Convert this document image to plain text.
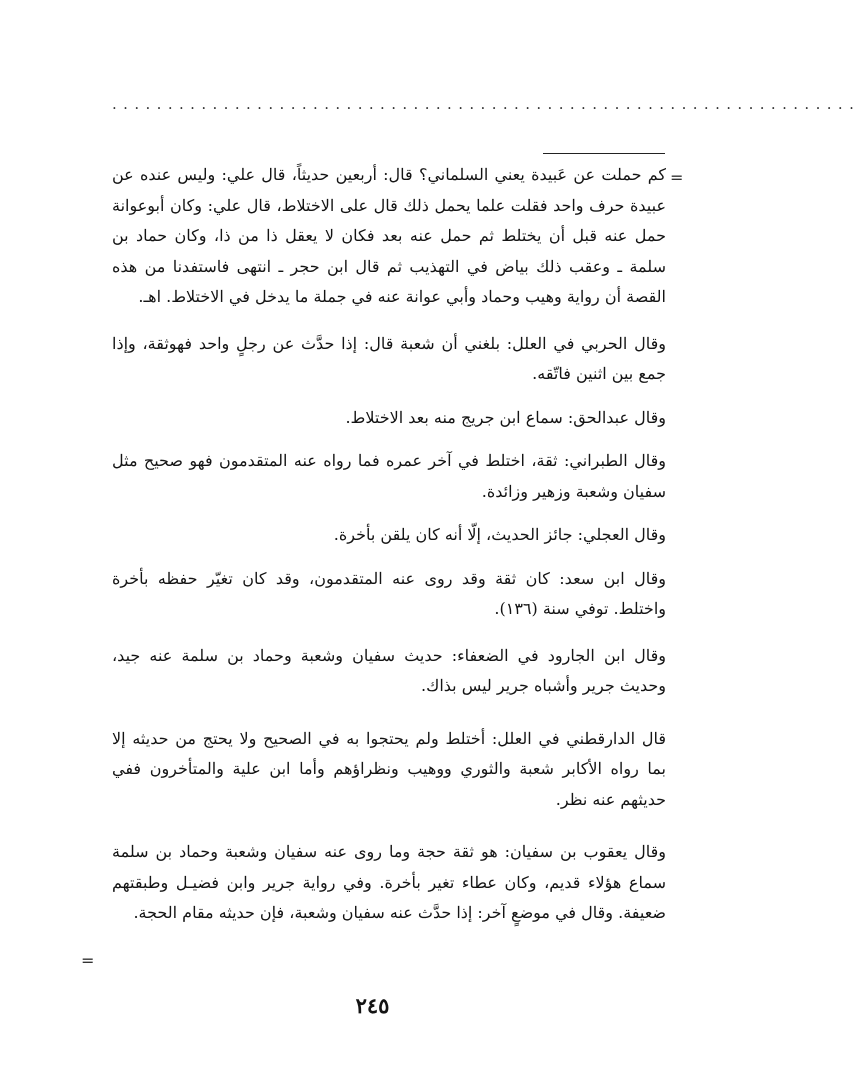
...................................................................
=

كم حملت عن عَبيدة يعني السلماني؟ قال: أربعين حديثاً، قال علي: وليس عنده عن عبيدة حرف واحد فقلت علما يحمل ذلك قال على الاختلاط، قال علي: وكان أبوعوانة حمل عنه قبل أن يختلط ثم حمل عنه بعد فكان لا يعقل ذا من ذا، وكان حماد بن سلمة ـ وعقب ذلك بياض في التهذيب ثم قال ابن حجر ـ انتهى فاستفدنا من هذه القصة أن رواية وهيب وحماد وأبي عوانة عنه في جملة ما يدخل في الاختلاط. اهـ.

وقال الحربي في العلل: بلغني أن شعبة قال: إذا حدَّث عن رجلٍ واحد فهوثقة، وإذا جمع بين اثنين فاتّقه.

وقال عبدالحق: سماع ابن جريج منه بعد الاختلاط.

وقال الطبراني: ثقة، اختلط في آخر عمره فما رواه عنه المتقدمون فهو صحيح مثل سفيان وشعبة وزهير وزائدة.

وقال العجلي: جائز الحديث، إلّا أنه كان يلقن بأخرة.

وقال ابن سعد: كان ثقة وقد روى عنه المتقدمون، وقد كان تغيّر حفظه بأخرة واختلط. توفي سنة (١٣٦).

وقال ابن الجارود في الضعفاء: حديث سفيان وشعبة وحماد بن سلمة عنه جيد، وحديث جرير وأشباه جرير ليس بذاك.

قال الدارقطني في العلل: أختلط ولم يحتجوا به في الصحيح ولا يحتج من حديثه إلا بما رواه الأكابر شعبة والثوري ووهيب ونظراؤهم وأما ابن علية والمتأخرون ففي حديثهم عنه نظر.

وقال يعقوب بن سفيان: هو ثقة حجة وما روى عنه سفيان وشعبة وحماد بن سلمة سماع هؤلاء قديم، وكان عطاء تغير بأخرة. وفي رواية جرير وابن فضيـل وطبقتهم ضعيفة. وقال في موضعٍ آخر: إذا حدَّث عنه سفيان وشعبة، فإن حديثه مقام الحجة.

=
٢٤٥
